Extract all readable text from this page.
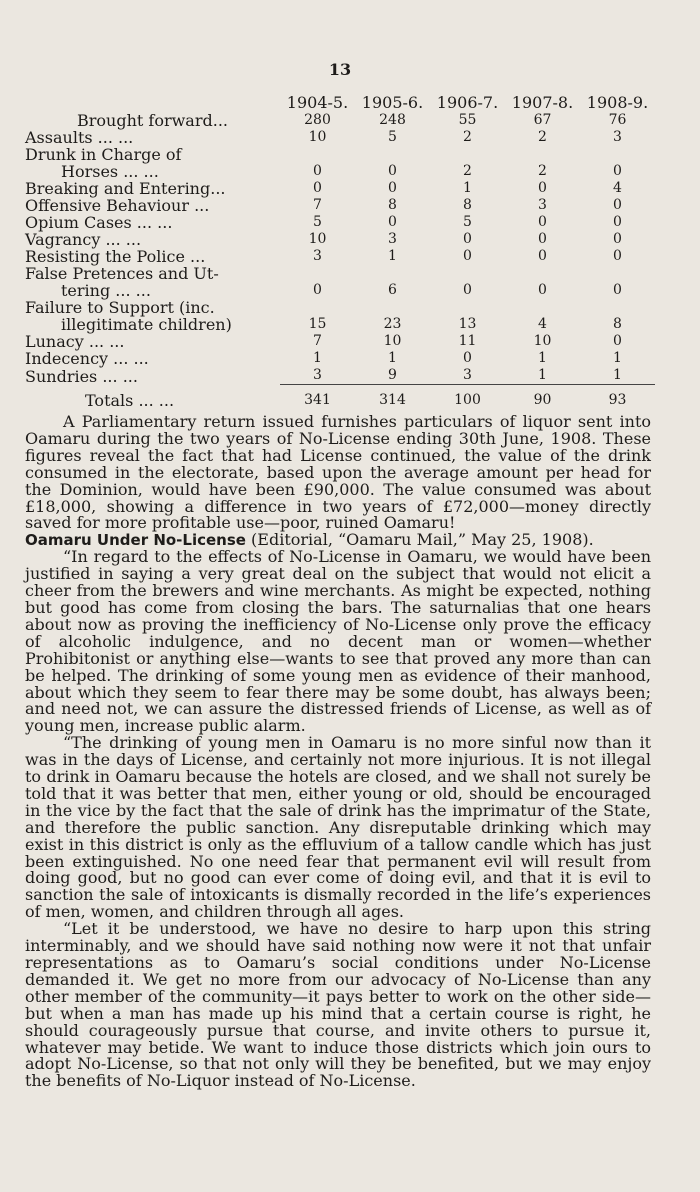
13
	1904-5.	1905-6.	1906-7.	1907-8.	1908-9.
Brought forward...	280	248	55	67	76
Assaults ... ...	10	5	2	2	3
Drunk in Charge of					
Horses ... ...	0	0	2	2	0
Breaking and Entering...	0	0	1	0	4
Offensive Behaviour ...	7	8	8	3	0
Opium Cases ... ...	5	0	5	0	0
Vagrancy ... ...	10	3	0	0	0
Resisting the Police ...	3	1	0	0	0
False Pretences and Ut-					
tering ... ...	0	6	0	0	0
Failure to Support (inc.					
illegitimate children)	15	23	13	4	8
Lunacy ... ...	7	10	11	10	0
Indecency ... ...	1	1	0	1	1
Sundries ... ...	3	9	3	1	1
Totals ... ...	341	314	100	90	93

A Parliamentary return issued furnishes particulars of liquor sent into Oamaru during the two years of No-License ending 30th June, 1908. These figures reveal the fact that had License continued, the value of the drink consumed in the electorate, based upon the average amount per head for the Dominion, would have been £90,000. The value consumed was about £18,000, showing a difference in two years of £72,000—money directly saved for more profitable use—poor, ruined Oamaru!

Oamaru Under No-License (Editorial, “Oamaru Mail,” May 25, 1908).

“In regard to the effects of No-License in Oamaru, we would have been justified in saying a very great deal on the subject that would not elicit a cheer from the brewers and wine merchants. As might be expected, nothing but good has come from closing the bars. The saturnalias that one hears about now as proving the inefficiency of No-License only prove the efficacy of alcoholic indulgence, and no decent man or women—whether Prohibitonist or anything else—wants to see that proved any more than can be helped. The drinking of some young men as evidence of their manhood, about which they seem to fear there may be some doubt, has always been; and need not, we can assure the distressed friends of License, as well as of young men, increase public alarm.

“The drinking of young men in Oamaru is no more sinful now than it was in the days of License, and certainly not more injurious. It is not illegal to drink in Oamaru because the hotels are closed, and we shall not surely be told that it was better that men, either young or old, should be encouraged in the vice by the fact that the sale of drink has the imprimatur of the State, and therefore the public sanction. Any disreputable drinking which may exist in this district is only as the effluvium of a tallow candle which has just been extinguished. No one need fear that permanent evil will result from doing good, but no good can ever come of doing evil, and that it is evil to sanction the sale of intoxicants is dismally recorded in the life’s experiences of men, women, and children through all ages.

“Let it be understood, we have no desire to harp upon this string interminably, and we should have said nothing now were it not that unfair representations as to Oamaru’s social conditions under No-License demanded it. We get no more from our advocacy of No-License than any other member of the community—it pays better to work on the other side—but when a man has made up his mind that a certain course is right, he should courageously pursue that course, and invite others to pursue it, whatever may betide. We want to induce those districts which join ours to adopt No-License, so that not only will they be benefited, but we may enjoy the benefits of No-Liquor instead of No-License.
